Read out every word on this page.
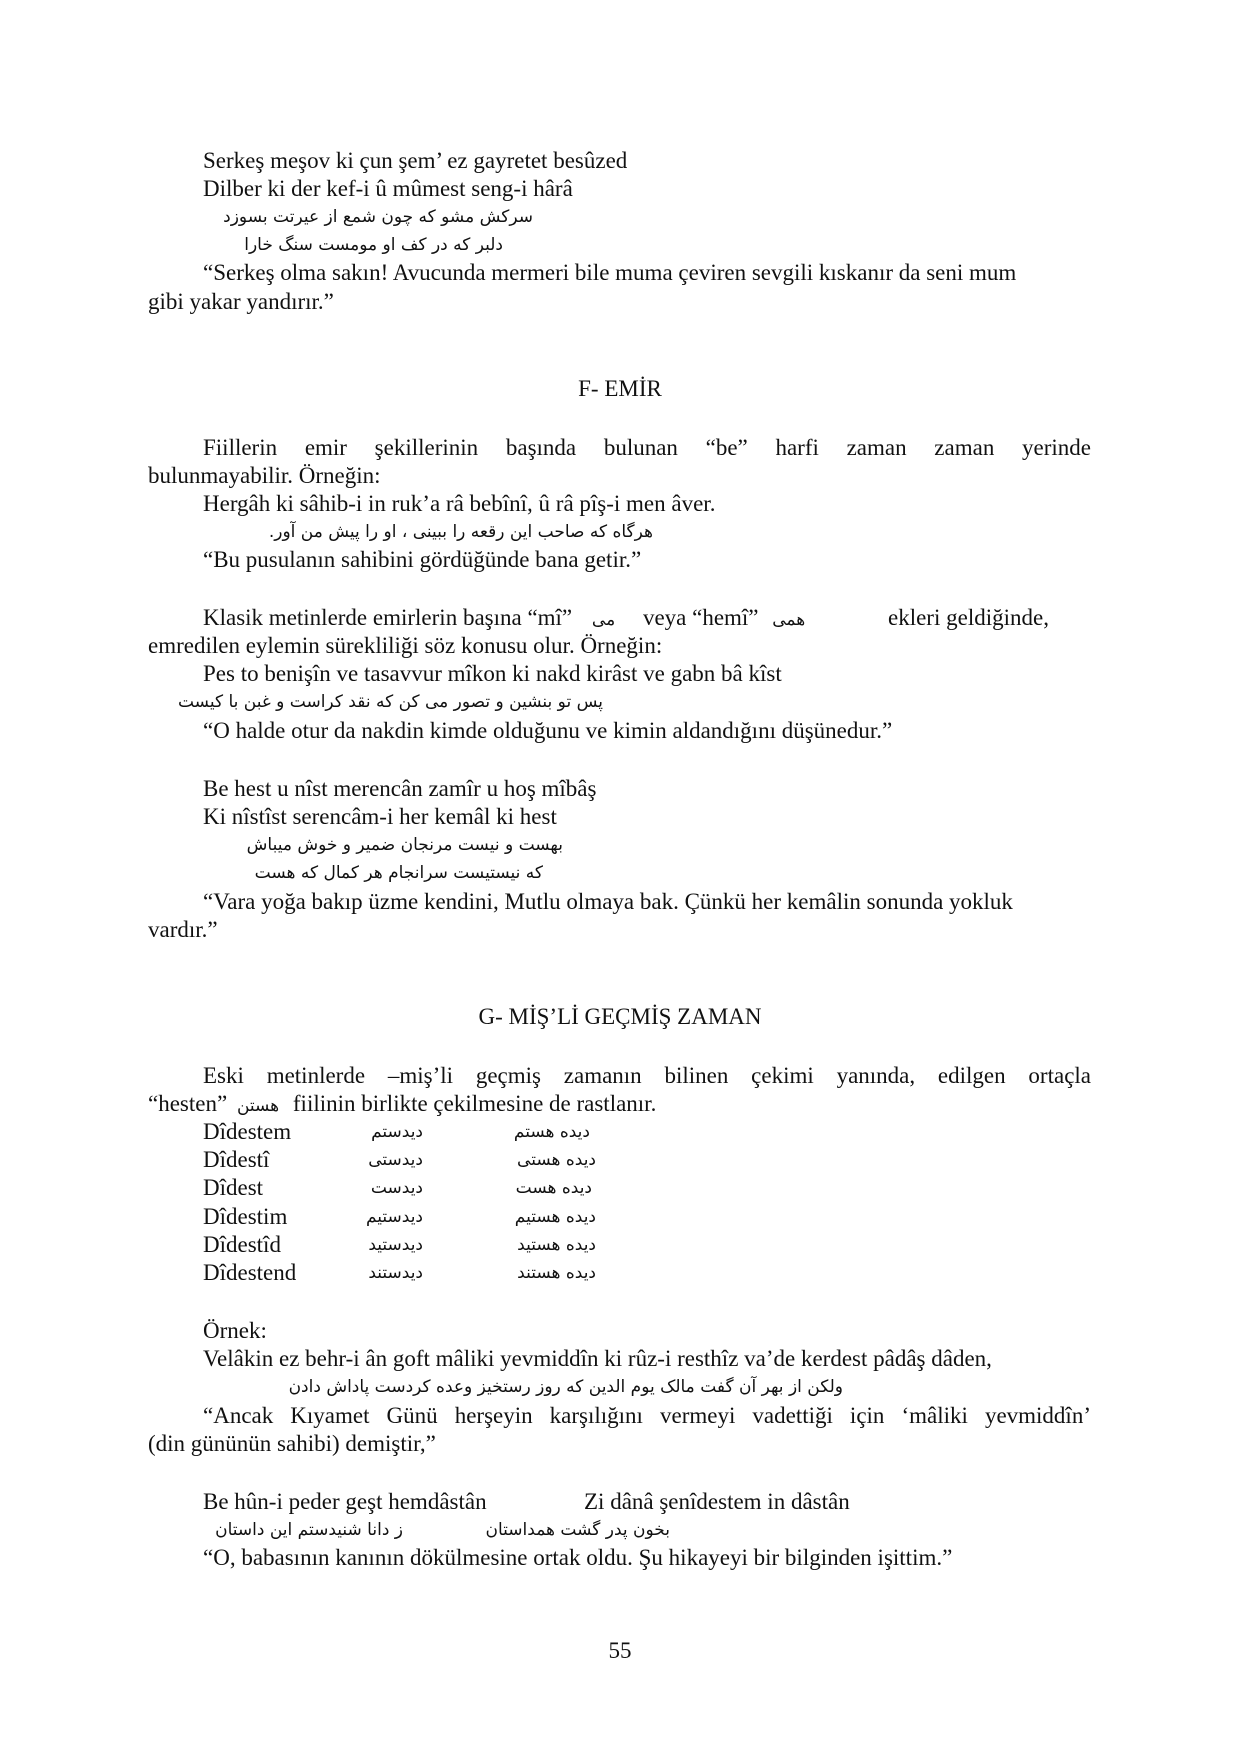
Serkeş meşov ki çun şem’ ez gayretet besûzed
Dilber ki der kef-i û mûmest seng-i hârâ
سرکش مشو که چون شمع از عیرتت بسوزد
دلبر که در کف او مومست سنگ خارا
“Serkeş olma sakın! Avucunda mermeri bile muma çeviren sevgili kıskanır da seni mum
gibi yakar yandırır.”
F- EMİR
Fiillerin emir şekillerinin başında bulunan “be” harfi zaman zaman yerinde
bulunmayabilir. Örneğin:
Hergâh ki sâhib-i in ruk’a râ bebînî, û râ pîş-i men âver.
هرگاه که صاحب این رقعه را ببینی ، او را پیش من آور.
“Bu pusulanın sahibini gördüğünde bana getir.”
Klasik metinlerde emirlerin başına “mî” می veya “hemî” همی	ekleri geldiğinde,
emredilen eylemin sürekliliği söz konusu olur. Örneğin:
Pes to benişîn ve tasavvur mîkon ki nakd kirâst ve gabn bâ kîst
پس تو بنشین و تصور می کن که نقد کراست و غبن با کیست
“O halde otur da nakdin kimde olduğunu ve kimin aldandığını düşünedur.”
Be hest u nîst merencân zamîr u hoş mîbâş
Ki nîstîst serencâm-i her kemâl ki hest
بهست و نیست مرنجان ضمیر و خوش میباش
که نیستیست سرانجام هر کمال که هست
“Vara yoğa bakıp üzme kendini, Mutlu olmaya bak. Çünkü her kemâlin sonunda yokluk
vardır.”
G- MİŞ’Lİ GEÇMİŞ ZAMAN
Eski metinlerde –miş’li geçmiş zamanın bilinen çekimi yanında, edilgen ortaçla
“hesten” هستن fiilinin birlikte çekilmesine de rastlanır.
Dîdestem	دیدستم	دیده هستم
Dîdestî	دیدستی	دیده هستی
Dîdest	دیدست	دیده هست
Dîdestim	دیدستیم	دیده هستیم
Dîdestîd	دیدستید	دیده هستید
Dîdestend	دیدستند	دیده هستند
Örnek:
Velâkin ez behr-i ân goft mâliki yevmiddîn ki rûz-i resthîz va’de kerdest pâdâş dâden,
ولکن از بهر آن گفت مالک یوم الدین که روز رستخیز وعده کردست پاداش دادن
“Ancak Kıyamet Günü herşeyin karşılığını vermeyi vadettiği için ‘mâliki yevmiddîn’
(din gününün sahibi) demiştir,”
Be hûn-i peder geşt hemdâstân	Zi dânâ şenîdestem in dâstân
بخون پدر گشت همداستان
ز دانا شنیدستم این داستان
“O, babasının kanının dökülmesine ortak oldu. Şu hikayeyi bir bilginden işittim.”
55
